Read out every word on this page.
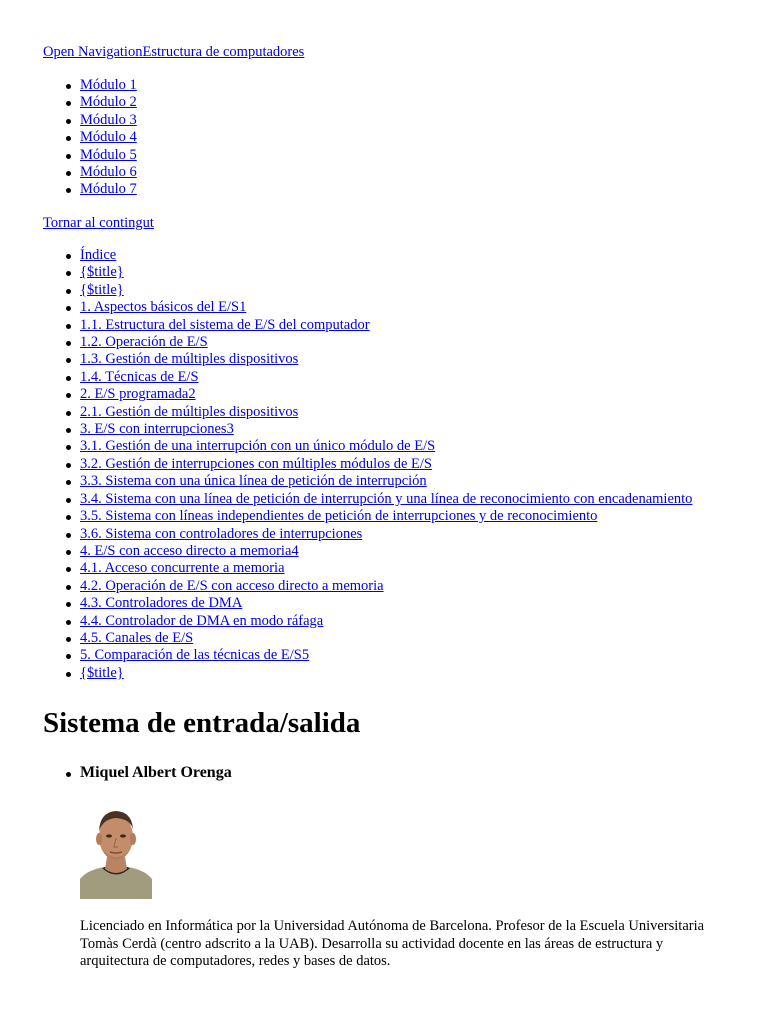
Open NavigationEstructura de computadores
Módulo 1
Módulo 2
Módulo 3
Módulo 4
Módulo 5
Módulo 6
Módulo 7
Tornar al contingut
Índice
{$title}
{$title}
1. Aspectos básicos del E/S1
1.1. Estructura del sistema de E/S del computador
1.2. Operación de E/S
1.3. Gestión de múltiples dispositivos
1.4. Técnicas de E/S
2. E/S programada2
2.1. Gestión de múltiples dispositivos
3. E/S con interrupciones3
3.1. Gestión de una interrupción con un único módulo de E/S
3.2. Gestión de interrupciones con múltiples módulos de E/S
3.3. Sistema con una única línea de petición de interrupción
3.4. Sistema con una línea de petición de interrupción y una línea de reconocimiento con encadenamiento
3.5. Sistema con líneas independientes de petición de interrupciones y de reconocimiento
3.6. Sistema con controladores de interrupciones
4. E/S con acceso directo a memoria4
4.1. Acceso concurrente a memoria
4.2. Operación de E/S con acceso directo a memoria
4.3. Controladores de DMA
4.4. Controlador de DMA en modo ráfaga
4.5. Canales de E/S
5. Comparación de las técnicas de E/S5
{$title}
Sistema de entrada/salida
Miquel Albert Orenga

Licenciado en Informática por la Universidad Autónoma de Barcelona. Profesor de la Escuela Universitaria Tomàs Cerdà (centro adscrito a la UAB). Desarrolla su actividad docente en las áreas de estructura y arquitectura de computadores, redes y bases de datos.
